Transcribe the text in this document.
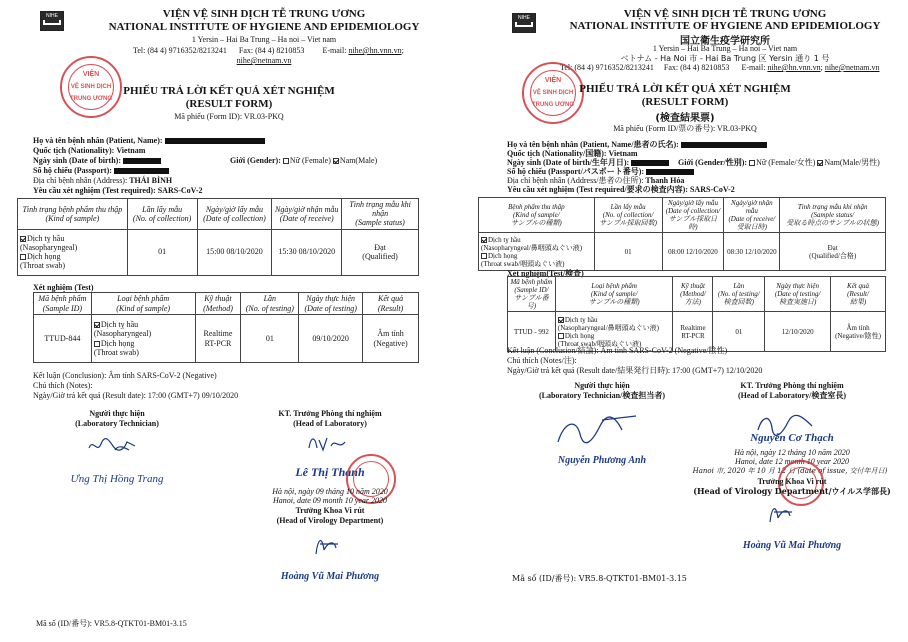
NIHE	VIỆN VỆ SINH DỊCH TỄ TRUNG ƯƠNG
NATIONAL INSTITUTE OF HYGIENE AND EPIDEMIOLOGY
1 Yersin – Hai Ba Trung – Ha noi – Viet nam
Tel: (84 4) 9716352/8213241 Fax: (84 4) 8210853 E-mail: nihe@hn.vnn.vn;
nihe@netnam.vn
VIỆN
VỆ SINH DỊCH
TRUNG ƯƠNG
PHIẾU TRẢ LỜI KẾT QUẢ XÉT NGHIỆM
(RESULT FORM)
Mã phiếu (Form ID): VR.03-PKQ
Họ và tên bệnh nhân (Patient, Name):
Quốc tịch (Nationality): Vietnam
Ngày sinh (Date of birth):	Giới (Gender): Nữ (Female) Nam(Male)
Số hộ chiếu (Passport):
Địa chỉ bệnh nhân (Address): THÁI BÌNH
Yêu cầu xét nghiệm (Test required): SARS-CoV-2
Tình trạng bệnh phẩm thu thập
(Kind of sample)	Lần lấy mẫu
(No. of collection)	Ngày/giờ lấy mẫu
(Date of collection)	Ngày/giờ nhận mẫu
(Date of receive)	Tình trạng mẫu khi nhận
(Sample status)
Dịch tỵ hầu
(Nasopharyngeal)
Dịch họng
(Throat swab)	01	15:00 08/10/2020	15:30 08/10/2020	Đạt
(Qualified)
Xét nghiệm (Test)
Mã bệnh phẩm
(Sample ID)	Loại bệnh phẩm
(Kind of sample)	Kỹ thuật
(Method)	Lần
(No. of testing)	Ngày thực hiện
(Date of testing)	Kết quả
(Result)
TTUD-844	Dịch tỵ hầu
(Nasopharyngeal)
Dịch họng
(Throat swab)	Realtime
RT-PCR	01	09/10/2020	Âm tính
(Negative)
Kết luận (Conclusion): Âm tính SARS-CoV-2 (Negative)
Chú thích (Notes):
Ngày/Giờ trả kết quả (Result date): 17:00 (GMT+7) 09/10/2020
Người thực hiện
(Laboratory Technician)
Ưng Thị Hồng Trang
KT. Trưởng Phòng thí nghiệm
(Head of Laboratory)
Lê Thị Thanh
Hà nội, ngày 09 tháng 10 năm 2020
Hanoi, date 09 month 10 year 2020
Trưởng Khoa Vi rút
(Head of Virology Department)
Hoàng Vũ Mai Phương
Mã số (ID/番号): VR5.8-QTKT01-BM01-3.15
NIHE	VIỆN VỆ SINH DỊCH TỄ TRUNG ƯƠNG
NATIONAL INSTITUTE OF HYGIENE AND EPIDEMIOLOGY
国立衛生疫学研究所
1 Yersin – Hai Ba Trung – Ha noi – Viet nam
ベトナム - Ha Noi 市 - Hai Ba Trung 区 Yersin 通り 1 号
Tel: (84 4) 9716352/8213241 Fax: (84 4) 8210853 E-mail: nihe@hn.vnn.vn; nihe@netnam.vn
VIỆN
VỆ SINH DỊCH
TRUNG ƯƠNG
PHIẾU TRẢ LỜI KẾT QUẢ XÉT NGHIỆM
(RESULT FORM)
(検査結果票)
Mã phiếu (Form ID/票の番号): VR.03-PKQ
Họ và tên bệnh nhân (Patient, Name/患者の氏名):
Quốc tịch (Nationality/国籍): Vietnam
Ngày sinh (Date of birth/生年月日):	Giới (Gender/性別): Nữ (Female/女性) Nam(Male/男性)
Số hộ chiếu (Passport/パスポート番号):
Địa chỉ bệnh nhân (Address/患者の住所): Thanh Hóa
Yêu cầu xét nghiệm (Test required/要求の検査内容): SARS-CoV-2
Bệnh phẩm thu thập
(Kind of sample/
サンプルの種類)	Lần lấy mẫu
(No. of collection/
サンプル採取回数)	Ngày/giờ lấy mẫu
(Date of collection/
サンプル採取日時)	Ngày/giờ nhận mẫu
(Date of receive/
受取日時)	Tình trạng mẫu khi nhận
(Sample status/
受取る時点のサンプルの状態)
Dịch tỵ hầu
(Nasopharyngeal/鼻咽頭ぬぐい液)
Dịch họng
(Throat swab/咽頭ぬぐい液)	01	08:00 12/10/2020	08:30 12/10/2020	Đạt
(Qualified/合格)
Xét nghiệm(Test/検査)
Mã bệnh phẩm
(Sample ID/
サンプル番号)	Loại bệnh phẩm
(Kind of sample/
サンプルの種類)	Kỹ thuật
(Method/
方法)	Lần
(No. of testing/
検査回数)	Ngày thực hiện
(Date of testing/
検査実施日)	Kết quả
(Result/
結果)
TTUD - 992	Dịch tỵ hầu
(Nasopharyngeal/鼻咽頭ぬぐい液)
Dịch họng
(Throat swab/咽頭ぬぐい液)	Realtime
RT-PCR	01	12/10/2020	Âm tính
(Negative/陰性)
Kết luận (Conclusion/結論): Âm tính SARS-CoV-2 (Negative/陰性)
Chú thích (Notes/注):
Ngày/Giờ trả kết quả (Result date/結果発行日時): 17:00 (GMT+7) 12/10/2020
Người thực hiện
(Laboratory Technician/検査担当者)
Nguyễn Phương Anh
KT. Trưởng Phòng thí nghiệm
(Head of Laboratory/検査室長)
Nguyễn Cơ Thạch
Hà nội, ngày 12 tháng 10 năm 2020
Hanoi, date 12 month 10 year 2020
Hanoi 市, 2020 年 10 月 12 日 (date of issue, 交付年月日)
Trưởng Khoa Vi rút
(Head of Virology Department/ウイルス学部長)
Hoàng Vũ Mai Phương
Mã số (ID/番号): VR5.8-QTKT01-BM01-3.15
